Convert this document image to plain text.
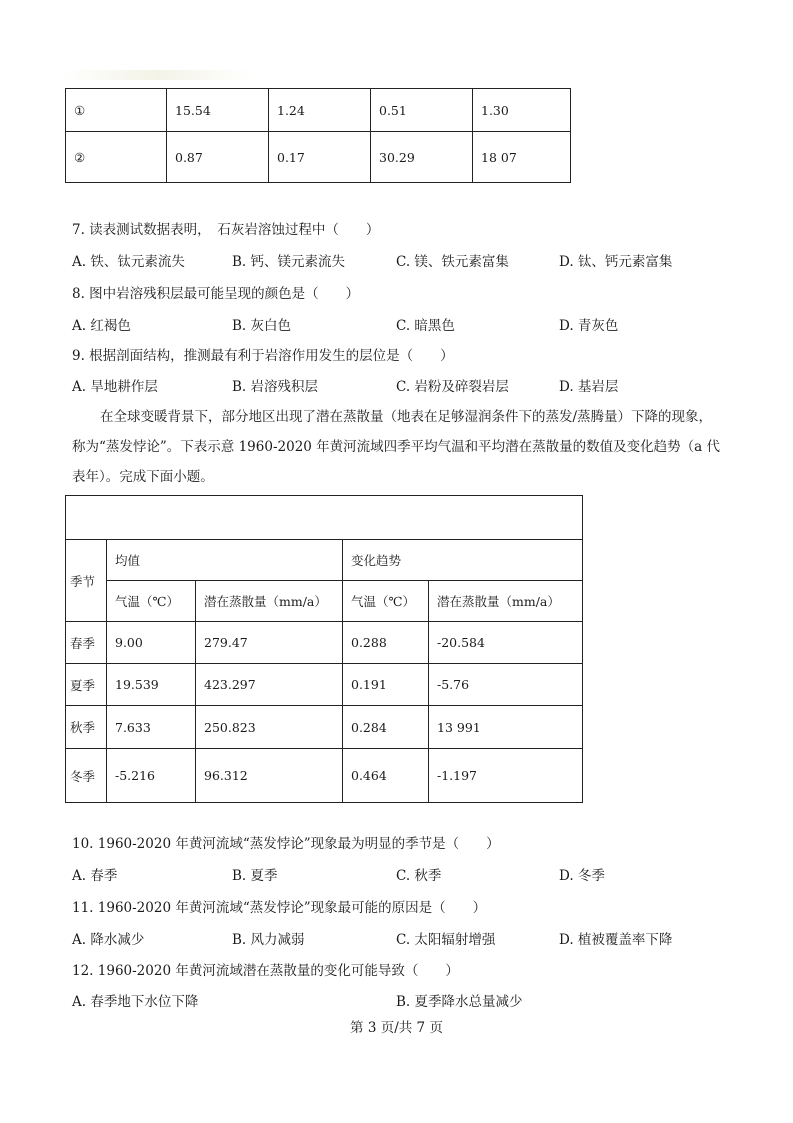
①	15.54	1.24	0.51	1.30
②	0.87	0.17	30.29	18 07
7. 读表测试数据表明，　石灰岩溶蚀过程中（　　）
A. 铁、钛元素流失	B. 钙、镁元素流失	C. 镁、铁元素富集	D. 钛、钙元素富集
8. 图中岩溶残积层最可能呈现的颜色是（　　）
A. 红褐色	B. 灰白色	C. 暗黑色	D. 青灰色
9. 根据剖面结构，推测最有利于岩溶作用发生的层位是（　　）
A. 旱地耕作层	B. 岩溶残积层	C. 岩粉及碎裂岩层	D. 基岩层
在全球变暖背景下，部分地区出现了潜在蒸散量（地表在足够湿润条件下的蒸发/蒸腾量）下降的现象，称为“蒸发悖论”。下表示意 1960-2020 年黄河流域四季平均气温和平均潜在蒸散量的数值及变化趋势（a 代表年）。完成下面小题。

季节	均值		变化趋势	
	气温（℃）	潜在蒸散量（mm/a）	气温（℃）	潜在蒸散量（mm/a）
春季	9.00	279.47	0.288	-20.584
夏季	19.539	423.297	0.191	-5.76
秋季	7.633	250.823	0.284	13 991
冬季	-5.216	96.312	0.464	-1.197
10. 1960-2020 年黄河流域“蒸发悖论”现象最为明显的季节是（　　）
A. 春季	B. 夏季	C. 秋季	D. 冬季
11. 1960-2020 年黄河流域“蒸发悖论”现象最可能的原因是（　　）
A. 降水减少	B. 风力减弱	C. 太阳辐射增强	D. 植被覆盖率下降
12. 1960-2020 年黄河流域潜在蒸散量的变化可能导致（　　）
A. 春季地下水位下降	B. 夏季降水总量减少
第 3 页/共 7 页
